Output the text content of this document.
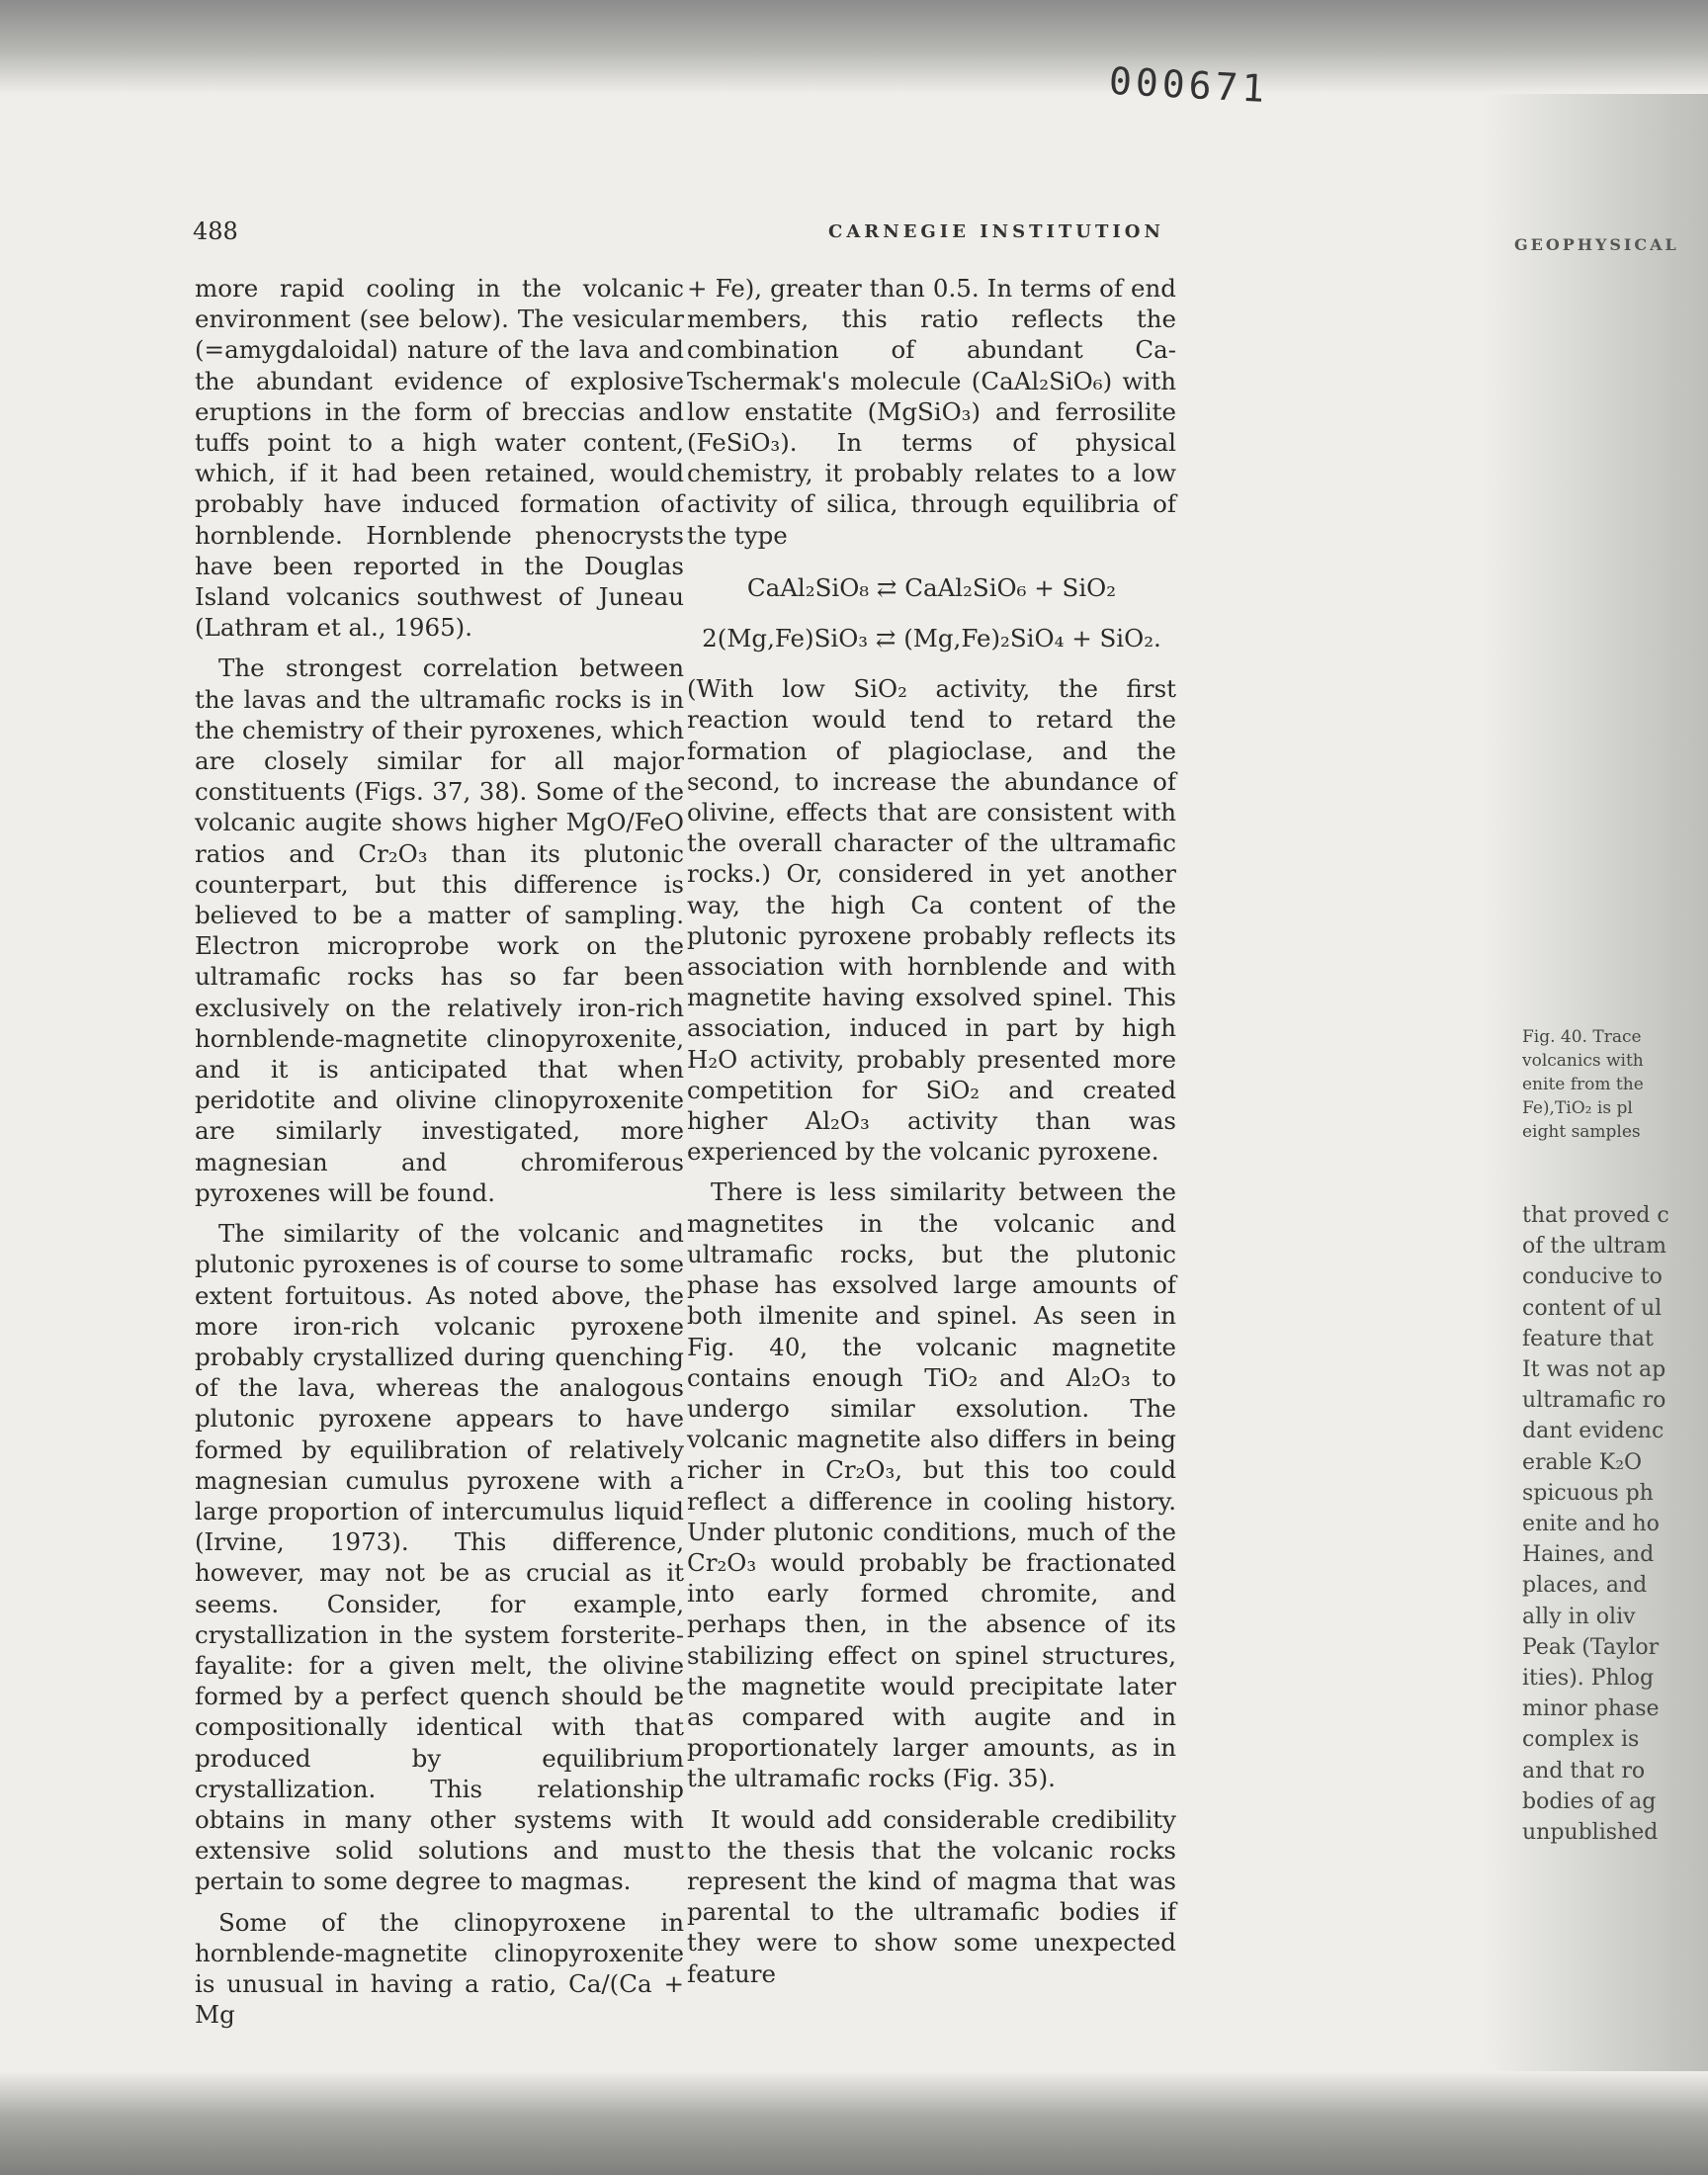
000671
488	CARNEGIE INSTITUTION

more rapid cooling in the volcanic environment (see below). The vesicular (=amygdaloidal) nature of the lava and the abundant evidence of explosive eruptions in the form of breccias and tuffs point to a high water content, which, if it had been retained, would probably have induced formation of hornblende. Hornblende phenocrysts have been reported in the Douglas Island volcanics southwest of Juneau (Lathram et al., 1965).

The strongest correlation between the lavas and the ultramafic rocks is in the chemistry of their pyroxenes, which are closely similar for all major constituents (Figs. 37, 38). Some of the volcanic augite shows higher MgO/FeO ratios and Cr₂O₃ than its plutonic counterpart, but this difference is believed to be a matter of sampling. Electron microprobe work on the ultramafic rocks has so far been exclusively on the relatively iron-rich hornblende-magnetite clinopyroxenite, and it is anticipated that when peridotite and olivine clinopyroxenite are similarly investigated, more magnesian and chromiferous pyroxenes will be found.

The similarity of the volcanic and plutonic pyroxenes is of course to some extent fortuitous. As noted above, the more iron-rich volcanic pyroxene probably crystallized during quenching of the lava, whereas the analogous plutonic pyroxene appears to have formed by equilibration of relatively magnesian cumulus pyroxene with a large proportion of intercumulus liquid (Irvine, 1973). This difference, however, may not be as crucial as it seems. Consider, for example, crystallization in the system forsterite-fayalite: for a given melt, the olivine formed by a perfect quench should be compositionally identical with that produced by equilibrium crystallization. This relationship obtains in many other systems with extensive solid solutions and must pertain to some degree to magmas.

Some of the clinopyroxene in hornblende-magnetite clinopyroxenite is unusual in having a ratio, Ca/(Ca + Mg

+ Fe), greater than 0.5. In terms of end members, this ratio reflects the combination of abundant Ca-Tschermak's molecule (CaAl₂SiO₆) with low enstatite (MgSiO₃) and ferrosilite (FeSiO₃). In terms of physical chemistry, it probably relates to a low activity of silica, through equilibria of the type

CaAl₂SiO₈ ⇄ CaAl₂SiO₆ + SiO₂
2(Mg,Fe)SiO₃ ⇄ (Mg,Fe)₂SiO₄ + SiO₂.

(With low SiO₂ activity, the first reaction would tend to retard the formation of plagioclase, and the second, to increase the abundance of olivine, effects that are consistent with the overall character of the ultramafic rocks.) Or, considered in yet another way, the high Ca content of the plutonic pyroxene probably reflects its association with hornblende and with magnetite having exsolved spinel. This association, induced in part by high H₂O activity, probably presented more competition for SiO₂ and created higher Al₂O₃ activity than was experienced by the volcanic pyroxene.

There is less similarity between the magnetites in the volcanic and ultramafic rocks, but the plutonic phase has exsolved large amounts of both ilmenite and spinel. As seen in Fig. 40, the volcanic magnetite contains enough TiO₂ and Al₂O₃ to undergo similar exsolution. The volcanic magnetite also differs in being richer in Cr₂O₃, but this too could reflect a difference in cooling history. Under plutonic conditions, much of the Cr₂O₃ would probably be fractionated into early formed chromite, and perhaps then, in the absence of its stabilizing effect on spinel structures, the magnetite would precipitate later as compared with augite and in proportionately larger amounts, as in the ultramafic rocks (Fig. 35).

It would add considerable credibility to the thesis that the volcanic rocks represent the kind of magma that was parental to the ultramafic bodies if they were to show some unexpected feature

GEOPHYSICAL
Fig. 40. Trace
volcanics with
enite from the
Fe),TiO₂ is pl
eight samples
that proved c
of the ultram
conducive to
content of ul
feature that
It was not ap
ultramafic ro
dant evidenc
erable K₂O
spicuous ph
enite and ho
Haines, and
places, and
ally in oliv
Peak (Taylor
ities). Phlog
minor phase
complex is
and that ro
bodies of ag
unpublished
